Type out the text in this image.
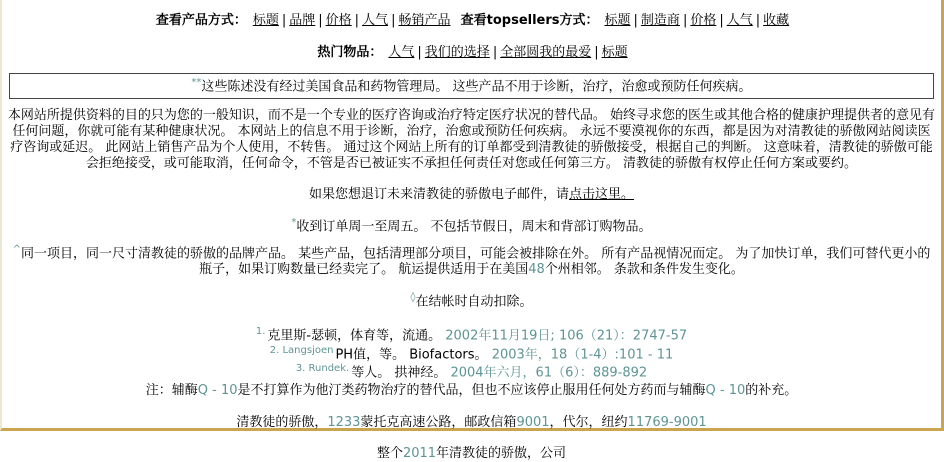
查看产品方式： 标题 | 品牌 | 价格 | 人气 | 畅销产品 查看topsellers方式： 标题 | 制造商 | 价格 | 人气 | 收藏
热门物品： 人气 | 我们的选择 | 全部圆我的最爱 | 标题
**这些陈述没有经过美国食品和药物管理局。 这些产品不用于诊断，治疗，治愈或预防任何疾病。
本网站所提供资料的目的只为您的一般知识，而不是一个专业的医疗咨询或治疗特定医疗状况的替代品。 始终寻求您的医生或其他合格的健康护理提供者的意见有任何问题，你就可能有某种健康状况。 本网站上的信息不用于诊断，治疗，治愈或预防任何疾病。 永远不要漠视你的东西，都是因为对清教徒的骄傲网站阅读医疗咨询或延迟。 此网站上销售产品为个人使用，不转售。 通过这个网站上所有的订单都受到清教徒的骄傲接受，根据自己的判断。 这意味着，清教徒的骄傲可能会拒绝接受，或可能取消，任何命令，不管是否已被证实不承担任何责任对您或任何第三方。 清教徒的骄傲有权停止任何方案或要约。
如果您想退订未来清教徒的骄傲电子邮件，请点击这里。
*收到订单周一至周五。 不包括节假日，周末和背部订购物品。
^同一项目，同一尺寸清教徒的骄傲的品牌产品。 某些产品，包括清理部分项目，可能会被排除在外。 所有产品视情况而定。 为了加快订单，我们可替代更小的瓶子，如果订购数量已经卖完了。 航运提供适用于在美国48个州相邻。 条款和条件发生变化。
◊在结帐时自动扣除。
$^{1.}$ 克里斯-瑟顿，体育等，流通。 2002年11月19日; 106（21）：2747-57
$^{2. Langsjoen}$ PH值，等。 Biofactors。 2003年，18（1-4）:101 - 11
$^{3. Rundek.}$ 等人。 拱神经。 2004年六月，61（6）：889-892
注：辅酶Q - 10是不打算作为他汀类药物治疗的替代品，但也不应该停止服用任何处方药而与辅酶Q - 10的补充。
清教徒的骄傲，1233蒙托克高速公路，邮政信箱9001，代尔，纽约11769-9001
整个2011年清教徒的骄傲，公司
